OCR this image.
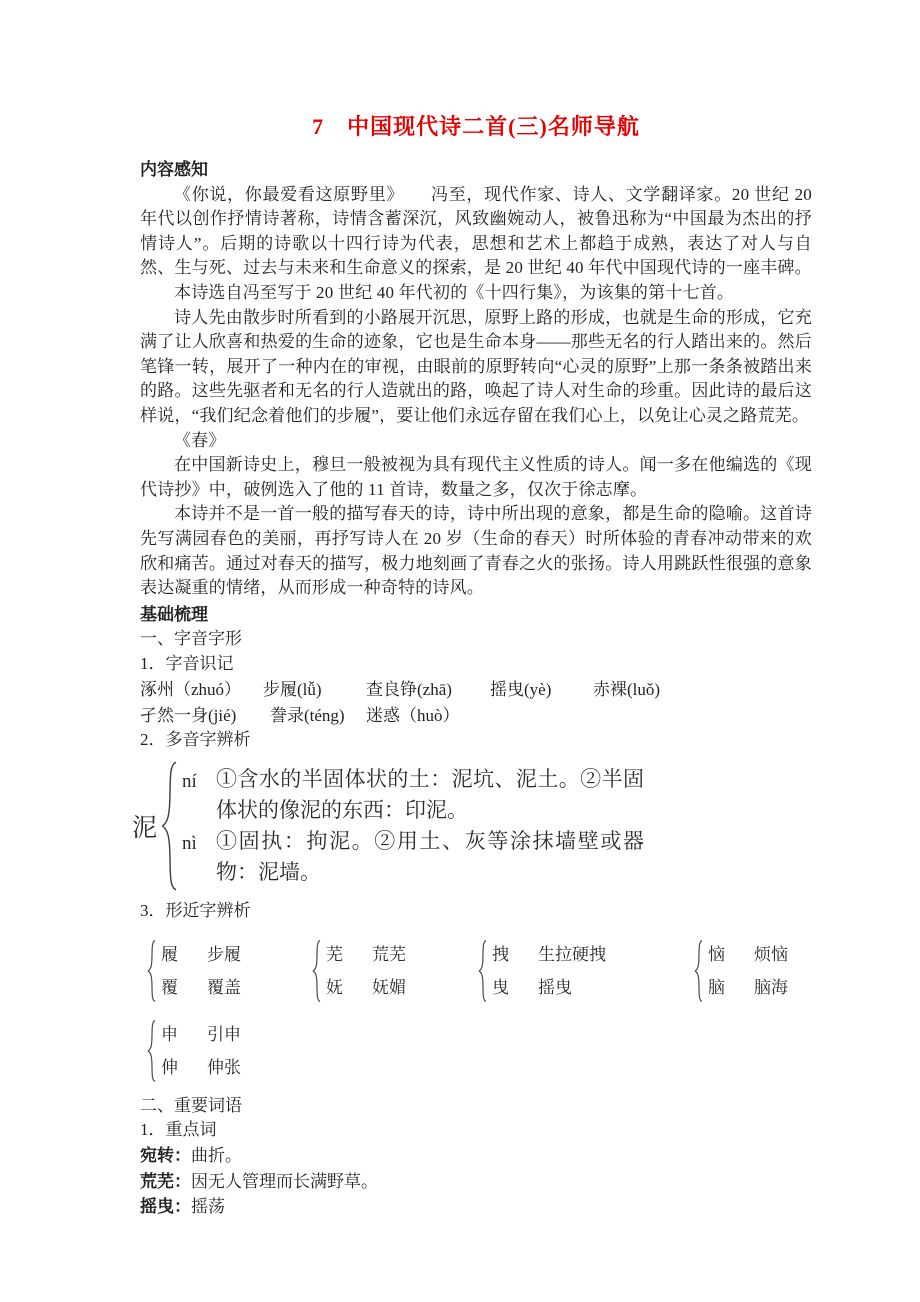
7　中国现代诗二首(三)名师导航
内容感知

《你说，你最爱看这原野里》　　冯至，现代作家、诗人、文学翻译家。20 世纪 20 年代以创作抒情诗著称，诗情含蓄深沉，风致幽婉动人，被鲁迅称为“中国最为杰出的抒情诗人”。后期的诗歌以十四行诗为代表，思想和艺术上都趋于成熟，表达了对人与自然、生与死、过去与未来和生命意义的探索，是 20 世纪 40 年代中国现代诗的一座丰碑。

本诗选自冯至写于 20 世纪 40 年代初的《十四行集》，为该集的第十七首。

诗人先由散步时所看到的小路展开沉思，原野上路的形成，也就是生命的形成，它充满了让人欣喜和热爱的生命的迹象，它也是生命本身——那些无名的行人踏出来的。然后笔锋一转，展开了一种内在的审视，由眼前的原野转向“心灵的原野”上那一条条被踏出来的路。这些先驱者和无名的行人造就出的路，唤起了诗人对生命的珍重。因此诗的最后这样说，“我们纪念着他们的步履”，要让他们永远存留在我们心上，以免让心灵之路荒芜。

《春》

在中国新诗史上，穆旦一般被视为具有现代主义性质的诗人。闻一多在他编选的《现代诗抄》中，破例选入了他的 11 首诗，数量之多，仅次于徐志摩。

本诗并不是一首一般的描写春天的诗，诗中所出现的意象，都是生命的隐喻。这首诗先写满园春色的美丽，再抒写诗人在 20 岁（生命的春天）时所体验的青春冲动带来的欢欣和痛苦。通过对春天的描写，极力地刻画了青春之火的张扬。诗人用跳跃性很强的意象表达凝重的情绪，从而形成一种奇特的诗风。

基础梳理
一、字音字形
1．字音识记
涿州（zhuó）	步履(lǚ)	查良铮(zhā)	摇曳(yè)	赤裸(luǒ)
孑然一身(jié)	誊录(téng)	迷惑（huò）
2．多音字辨析
泥
ní ①含水的半固体状的土：泥坑、泥土。②半固体状的像泥的东西：印泥。
nì ①固执：拘泥。②用土、灰等涂抹墙壁或器物：泥墙。
3．形近字辨析
履	步履
覆	覆盖
芜	荒芜
妩	妩媚
拽	生拉硬拽
曳	摇曳
恼	烦恼
脑	脑海
申	引申
伸	伸张
二、重要词语
1．重点词
宛转：曲折。
荒芜：因无人管理而长满野草。
摇曳：摇荡
